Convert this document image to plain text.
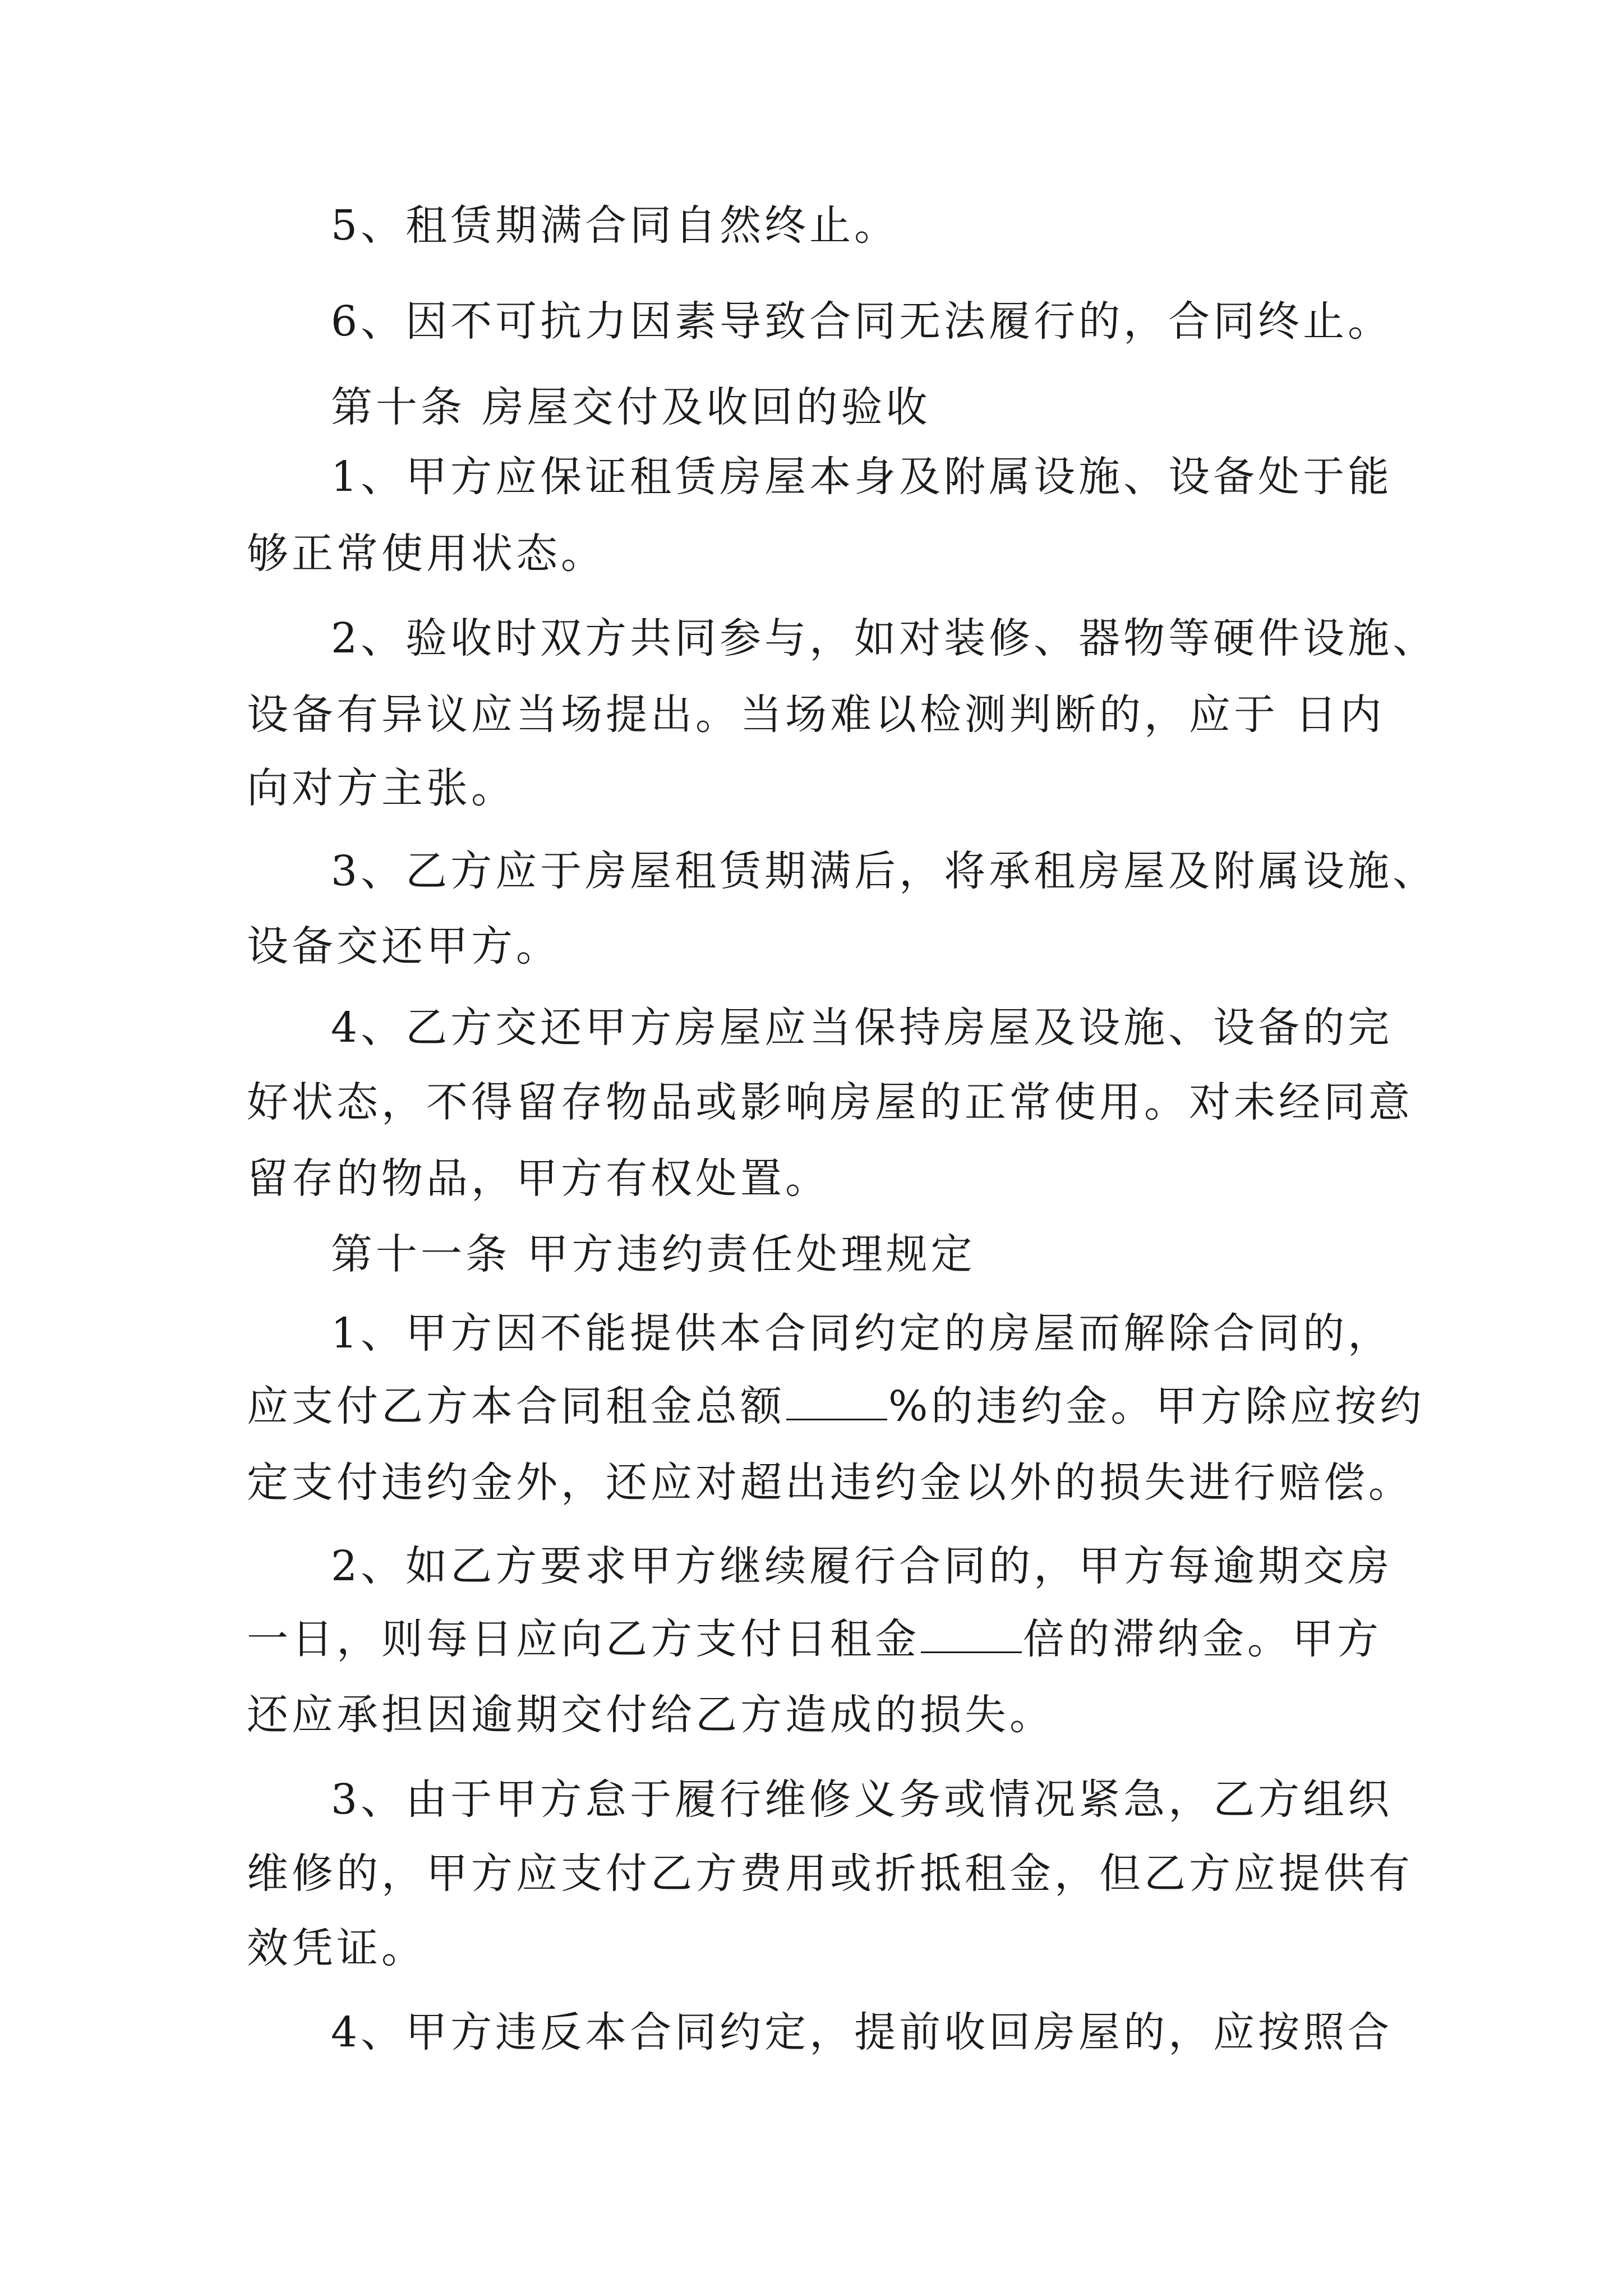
5、租赁期满合同自然终止。
6、因不可抗力因素导致合同无法履行的，合同终止。
第十条 房屋交付及收回的验收
1、甲方应保证租赁房屋本身及附属设施、设备处于能
够正常使用状态。
2、验收时双方共同参与，如对装修、器物等硬件设施、
设备有异议应当场提出。当场难以检测判断的，应于 日内
向对方主张。
3、乙方应于房屋租赁期满后，将承租房屋及附属设施、
设备交还甲方。
4、乙方交还甲方房屋应当保持房屋及设施、设备的完
好状态，不得留存物品或影响房屋的正常使用。对未经同意
留存的物品，甲方有权处置。
第十一条 甲方违约责任处理规定
1、甲方因不能提供本合同约定的房屋而解除合同的，
应支付乙方本合同租金总额 %的违约金。甲方除应按约
定支付违约金外，还应对超出违约金以外的损失进行赔偿。
2、如乙方要求甲方继续履行合同的，甲方每逾期交房
一日，则每日应向乙方支付日租金 倍的滞纳金。甲方
还应承担因逾期交付给乙方造成的损失。
3、由于甲方怠于履行维修义务或情况紧急，乙方组织
维修的，甲方应支付乙方费用或折抵租金，但乙方应提供有
效凭证。
4、甲方违反本合同约定，提前收回房屋的，应按照合
